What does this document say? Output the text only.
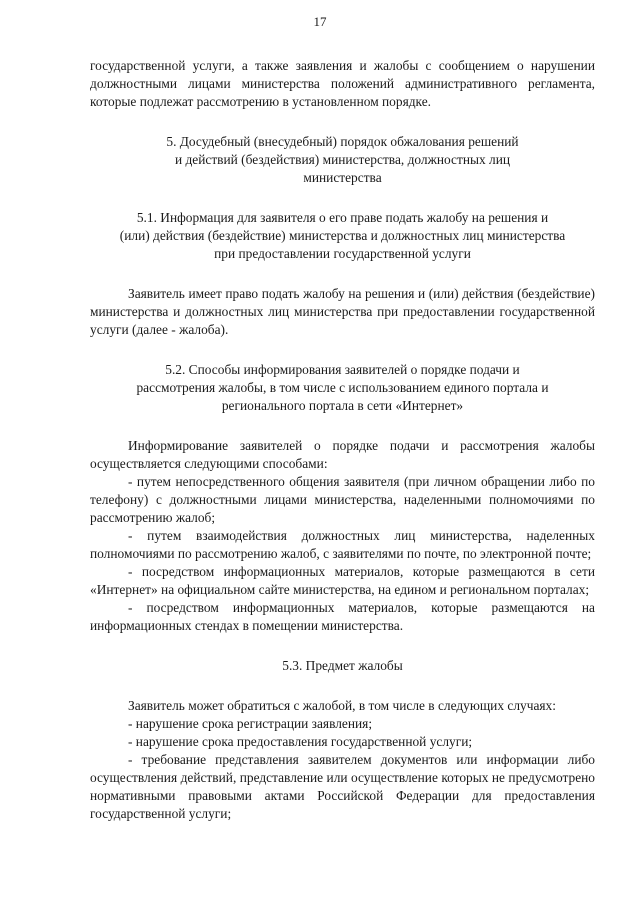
17

государственной услуги, а также заявления и жалобы с сообщением о нарушении должностными лицами министерства положений административного регламента, которые подлежат рассмотрению в установленном порядке.

5. Досудебный (внесудебный) порядок обжалования решений

и действий (бездействия) министерства, должностных лиц

министерства

5.1. Информация для заявителя о его праве подать жалобу на решения и

(или) действия (бездействие) министерства и должностных лиц министерства

при предоставлении государственной услуги

Заявитель имеет право подать жалобу на решения и (или) действия (бездействие) министерства и должностных лиц министерства при предоставлении государственной услуги (далее - жалоба).

5.2. Способы информирования заявителей о порядке подачи и

рассмотрения жалобы, в том числе с использованием единого портала и

регионального портала в сети «Интернет»

Информирование заявителей о порядке подачи и рассмотрения жалобы осуществляется следующими способами:

- путем непосредственного общения заявителя (при личном обращении либо по телефону) с должностными лицами министерства, наделенными полномочиями по рассмотрению жалоб;

- путем взаимодействия должностных лиц министерства, наделенных полномочиями по рассмотрению жалоб, с заявителями по почте, по электронной почте;

- посредством информационных материалов, которые размещаются в сети «Интернет» на официальном сайте министерства, на едином и региональном порталах;

- посредством информационных материалов, которые размещаются на информационных стендах в помещении министерства.

5.3. Предмет жалобы

Заявитель может обратиться с жалобой, в том числе в следующих случаях:

- нарушение срока регистрации заявления;

- нарушение срока предоставления государственной услуги;

- требование представления заявителем документов или информации либо осуществления действий, представление или осуществление которых не предусмотрено нормативными правовыми актами Российской Федерации для предоставления государственной услуги;
